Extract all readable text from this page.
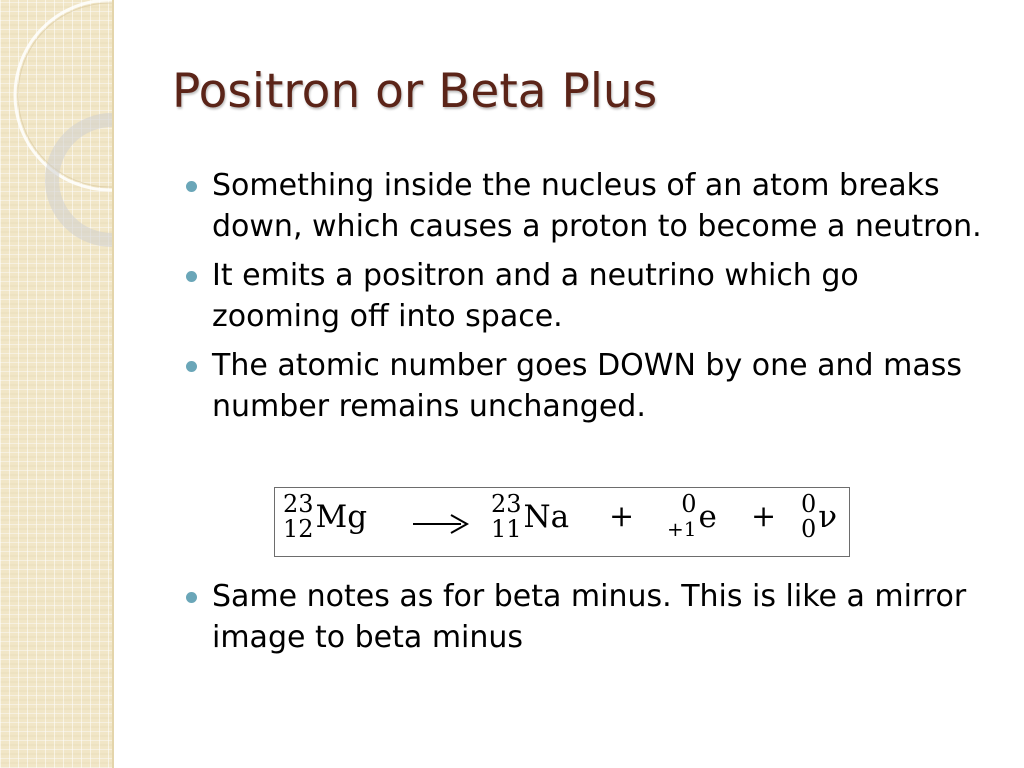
Positron or Beta Plus
Something inside the nucleus of an atom breaks down, which causes a proton to become a neutron.
It emits a positron and a neutrino which go zooming off into space.
The atomic number goes DOWN by one and mass number remains unchanged.
23
12 Mg	23
11 Na + 0
+1 e + 0
0 ν
Same notes as for beta minus. This is like a mirror image to beta minus
